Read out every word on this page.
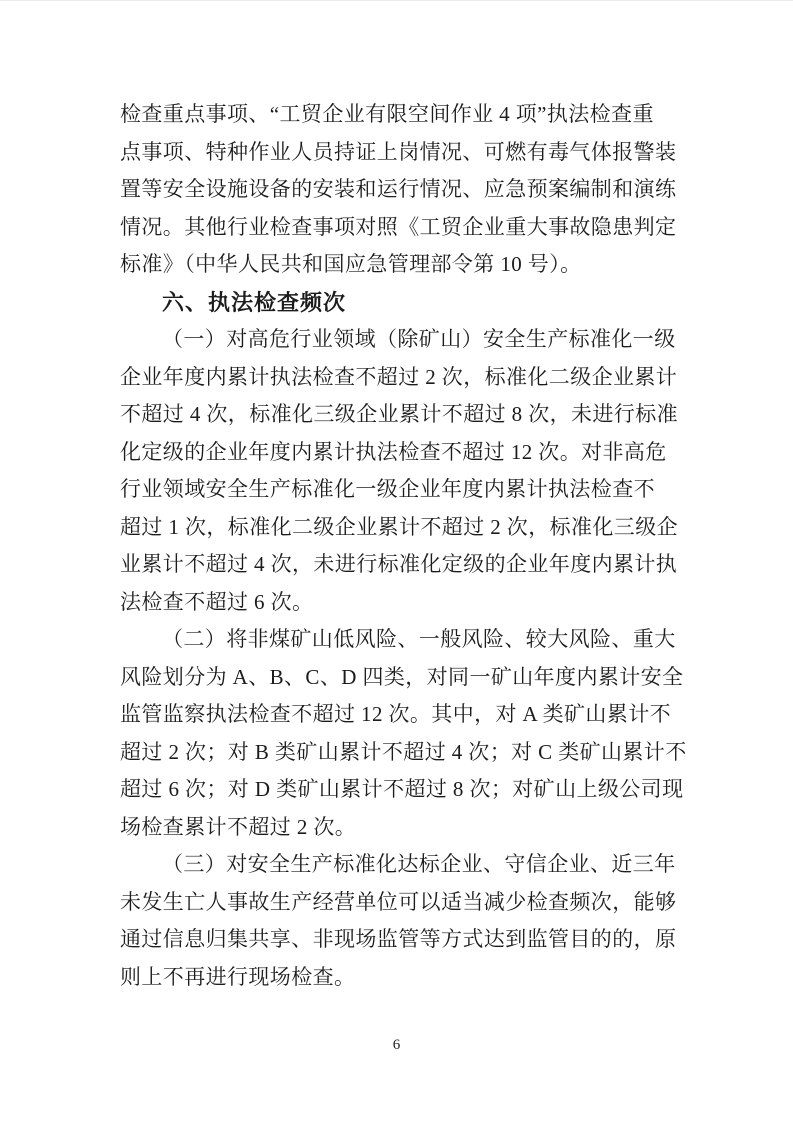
检查重点事项、“工贸企业有限空间作业 4 项”执法检查重
点事项、特种作业人员持证上岗情况、可燃有毒气体报警装
置等安全设施设备的安装和运行情况、应急预案编制和演练
情况。其他行业检查事项对照《工贸企业重大事故隐患判定
标准》（中华人民共和国应急管理部令第 10 号）。
六、执法检查频次
（一）对高危行业领域（除矿山）安全生产标准化一级
企业年度内累计执法检查不超过 2 次，标准化二级企业累计
不超过 4 次，标准化三级企业累计不超过 8 次，未进行标准
化定级的企业年度内累计执法检查不超过 12 次。对非高危
行业领域安全生产标准化一级企业年度内累计执法检查不
超过 1 次，标准化二级企业累计不超过 2 次，标准化三级企
业累计不超过 4 次，未进行标准化定级的企业年度内累计执
法检查不超过 6 次。
（二）将非煤矿山低风险、一般风险、较大风险、重大
风险划分为 A、B、C、D 四类，对同一矿山年度内累计安全
监管监察执法检查不超过 12 次。其中，对 A 类矿山累计不
超过 2 次；对 B 类矿山累计不超过 4 次；对 C 类矿山累计不
超过 6 次；对 D 类矿山累计不超过 8 次；对矿山上级公司现
场检查累计不超过 2 次。
（三）对安全生产标准化达标企业、守信企业、近三年
未发生亡人事故生产经营单位可以适当减少检查频次，能够
通过信息归集共享、非现场监管等方式达到监管目的的，原
则上不再进行现场检查。
6
